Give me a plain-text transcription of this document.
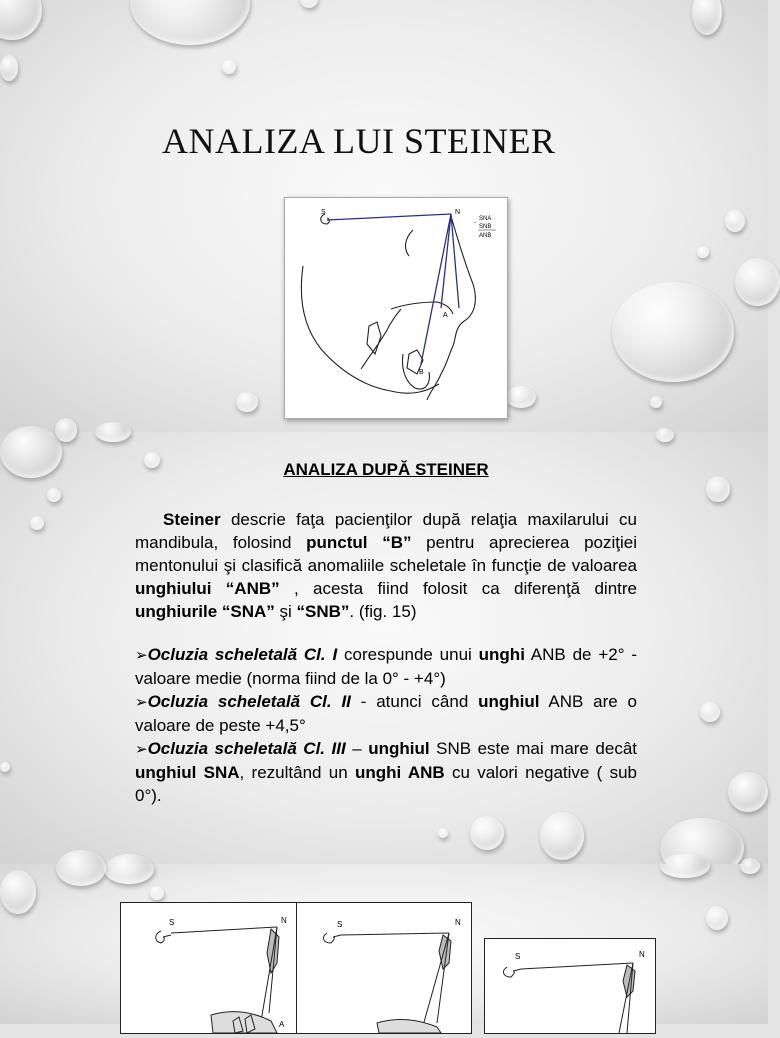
ANALIZA LUI STEINER
S	N
A
B
-
SNA
SNB
ANB

ANALIZA DUPĂ STEINER

Steiner descrie faţa pacienţilor după relaţia maxilarului cu mandibula, folosind punctul “B” pentru aprecierea poziţiei mentonului şi clasifică anomaliile scheletale în funcţie de valoarea unghiului “ANB” , acesta fiind folosit ca diferenţă dintre unghiurile “SNA” şi “SNB”. (fig. 15)

➢Ocluzia scheletală Cl. I corespunde unui unghi ANB de +2° - valoare medie (norma fiind de la 0° - +4°)
➢Ocluzia scheletală Cl. II - atunci când unghiul ANB are o valoare de peste +4,5°
➢Ocluzia scheletală Cl. III – unghiul SNB este mai mare decât unghiul SNA, rezultând un unghi ANB cu valori negative ( sub 0°).
S	N
A
S	N
S	N
